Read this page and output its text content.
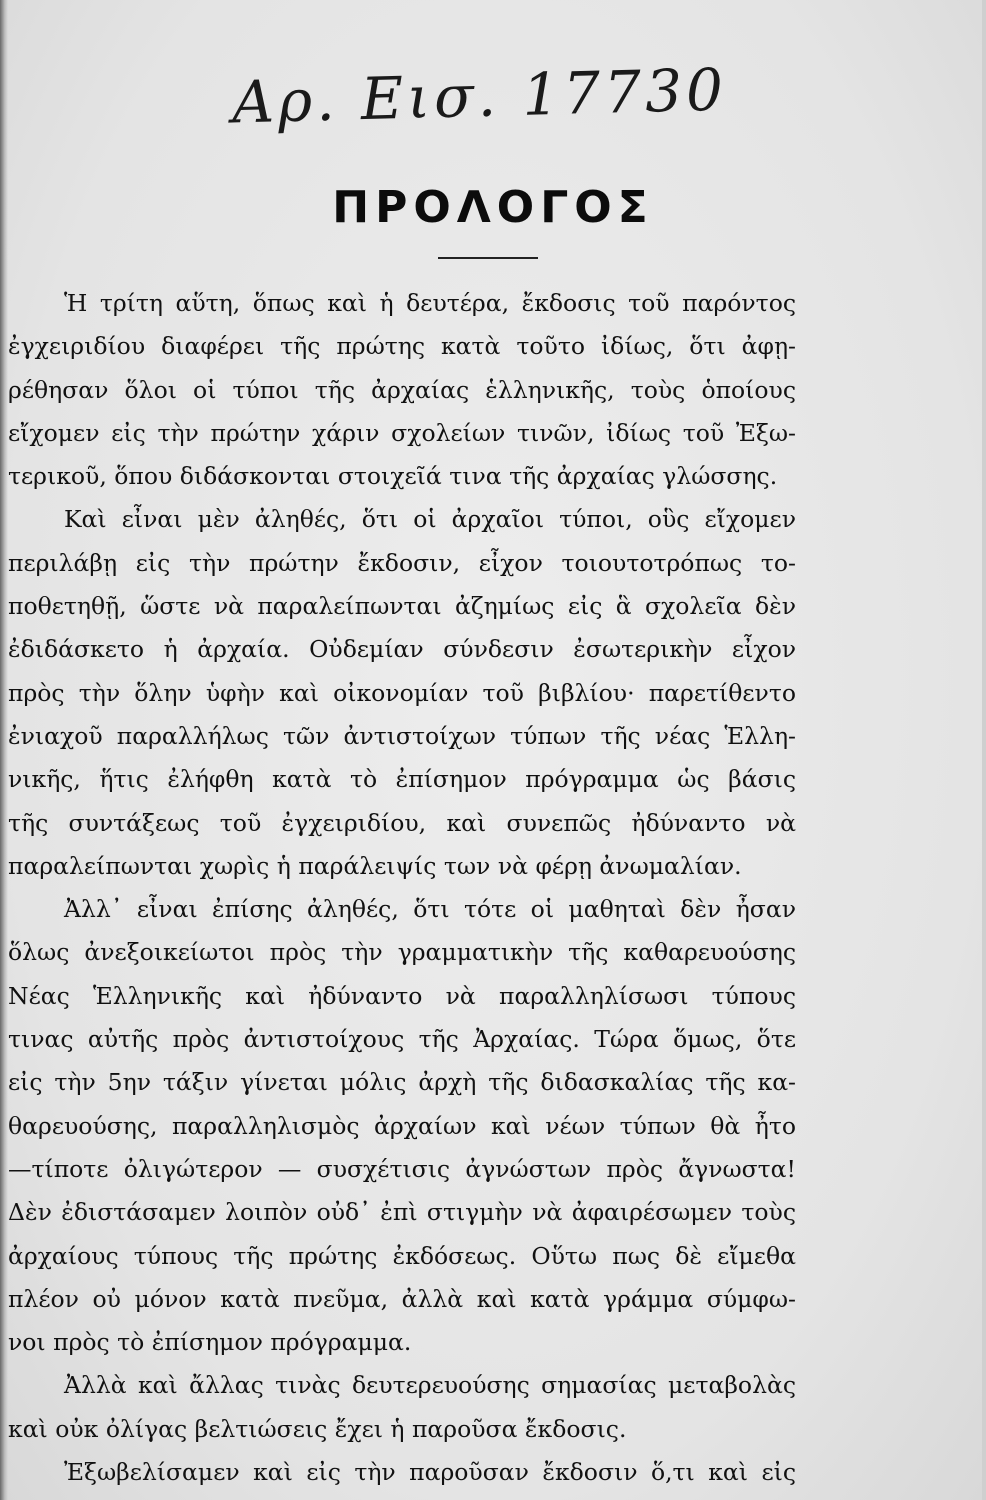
Αρ. Εισ. 17730
ΠΡΟΛΟΓΟΣ
Ἡ τρίτη αὕτη, ὅπως καὶ ἡ δευτέρα, ἔκδοσις τοῦ παρόντος
ἐγχειριδίου διαφέρει τῆς πρώτης κατὰ τοῦτο ἰδίως, ὅτι ἀφῃ-
ρέθησαν ὅλοι οἱ τύποι τῆς ἀρχαίας ἑλληνικῆς, τοὺς ὁποίους
εἴχομεν εἰς τὴν πρώτην χάριν σχολείων τινῶν, ἰδίως τοῦ Ἐξω-
τερικοῦ, ὅπου διδάσκονται στοιχεῖά τινα τῆς ἀρχαίας γλώσσης.
Καὶ εἶναι μὲν ἀληθές, ὅτι οἱ ἀρχαῖοι τύποι, οὓς εἴχομεν
περιλάβῃ εἰς τὴν πρώτην ἔκδοσιν, εἶχον τοιουτοτρόπως το-
ποθετηθῇ, ὥστε νὰ παραλείπωνται ἀζημίως εἰς ἃ σχολεῖα δὲν
ἐδιδάσκετο ἡ ἀρχαία. Οὐδεμίαν σύνδεσιν ἐσωτερικὴν εἶχον
πρὸς τὴν ὅλην ὑφὴν καὶ οἰκονομίαν τοῦ βιβλίου· παρετίθεντο
ἐνιαχοῦ παραλλήλως τῶν ἀντιστοίχων τύπων τῆς νέας Ἑλλη-
νικῆς, ἥτις ἐλήφθη κατὰ τὸ ἐπίσημον πρόγραμμα ὡς βάσις
τῆς συντάξεως τοῦ ἐγχειριδίου, καὶ συνεπῶς ἠδύναντο νὰ
παραλείπωνται χωρὶς ἡ παράλειψίς των νὰ φέρῃ ἀνωμαλίαν.
Ἀλλ᾽ εἶναι ἐπίσης ἀληθές, ὅτι τότε οἱ μαθηταὶ δὲν ἦσαν
ὅλως ἀνεξοικείωτοι πρὸς τὴν γραμματικὴν τῆς καθαρευούσης
Νέας Ἑλληνικῆς καὶ ἠδύναντο νὰ παραλληλίσωσι τύπους
τινας αὐτῆς πρὸς ἀντιστοίχους τῆς Ἀρχαίας. Τώρα ὅμως, ὅτε
εἰς τὴν 5ην τάξιν γίνεται μόλις ἀρχὴ τῆς διδασκαλίας τῆς κα-
θαρευούσης, παραλληλισμὸς ἀρχαίων καὶ νέων τύπων θὰ ἦτο
—τίποτε ὀλιγώτερον — συσχέτισις ἀγνώστων πρὸς ἄγνωστα!
Δὲν ἐδιστάσαμεν λοιπὸν οὐδ᾽ ἐπὶ στιγμὴν νὰ ἀφαιρέσωμεν τοὺς
ἀρχαίους τύπους τῆς πρώτης ἐκδόσεως. Οὕτω πως δὲ εἴμεθα
πλέον οὐ μόνον κατὰ πνεῦμα, ἀλλὰ καὶ κατὰ γράμμα σύμφω-
νοι πρὸς τὸ ἐπίσημον πρόγραμμα.
Ἀλλὰ καὶ ἄλλας τινὰς δευτερευούσης σημασίας μεταβολὰς
καὶ οὐκ ὀλίγας βελτιώσεις ἔχει ἡ παροῦσα ἔκδοσις.
Ἐξωβελίσαμεν καὶ εἰς τὴν παροῦσαν ἔκδοσιν ὅ,τι καὶ εἰς
